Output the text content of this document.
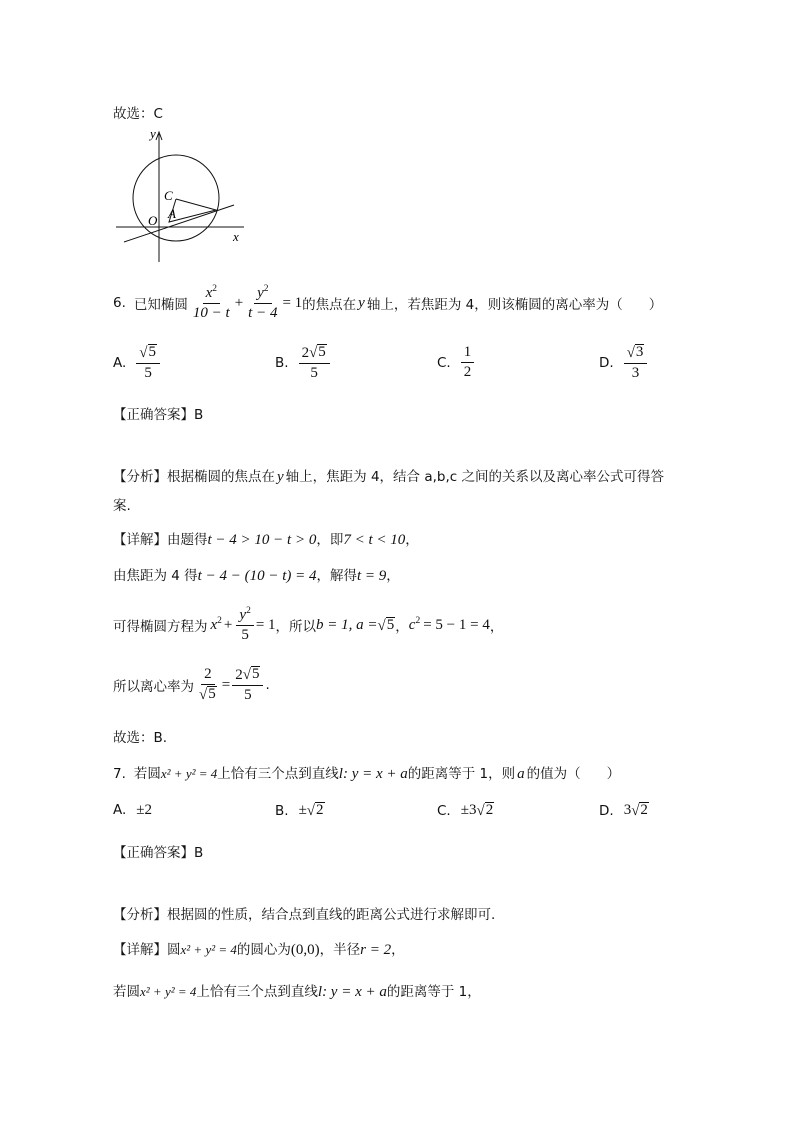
故选：C
y
x
O
C
A
6. 已知椭圆 $\frac{x^2}{10 - t} + \frac{y^2}{t - 4} = 1$ 的焦点在 y 轴上，若焦距为 4，则该椭圆的离心率为（ ）
A. $\frac{√ 5}{5}$	B. $\frac{2 √ 5}{5}$	C. $\frac{1}{2}$	D. $\frac{√ 3}{3}$
【正确答案】B
【分析】根据椭圆的焦点在 y 轴上，焦距为 4，结合 a,b,c 之间的关系以及离心率公式可得答
案.
【详解】 由题得 t − 4 > 10 − t > 0 ，即 7 < t < 10 ，
由焦距为 4 得 t − 4 − (10 − t) = 4 ，解得 t = 9 ，
可得椭圆方程为 $x^2 + \frac{y^2}{5} = 1$ ，所以 b = 1, a = √ 5 ， $c^2 = 5 - 1 = 4$ ，
所以离心率为 $\frac{2}{√ 5} = \frac{2 √ 5}{5}$ .
故选：B.
7. 若圆 x² + y² = 4 上恰有三个点到直线 l : y = x + a 的距离等于 1，则 a 的值为（ ）
A. ±2	B. ± √ 2	C. ±3 √ 2	D. 3 √ 2
【正确答案】B
【分析】根据圆的性质，结合点到直线的距离公式进行求解即可.
【详解】 圆 x² + y² = 4 的圆心为 (0,0) ，半径 r = 2 ，
若圆 x² + y² = 4 上恰有三个点到直线 l : y = x + a 的距离等于 1，
